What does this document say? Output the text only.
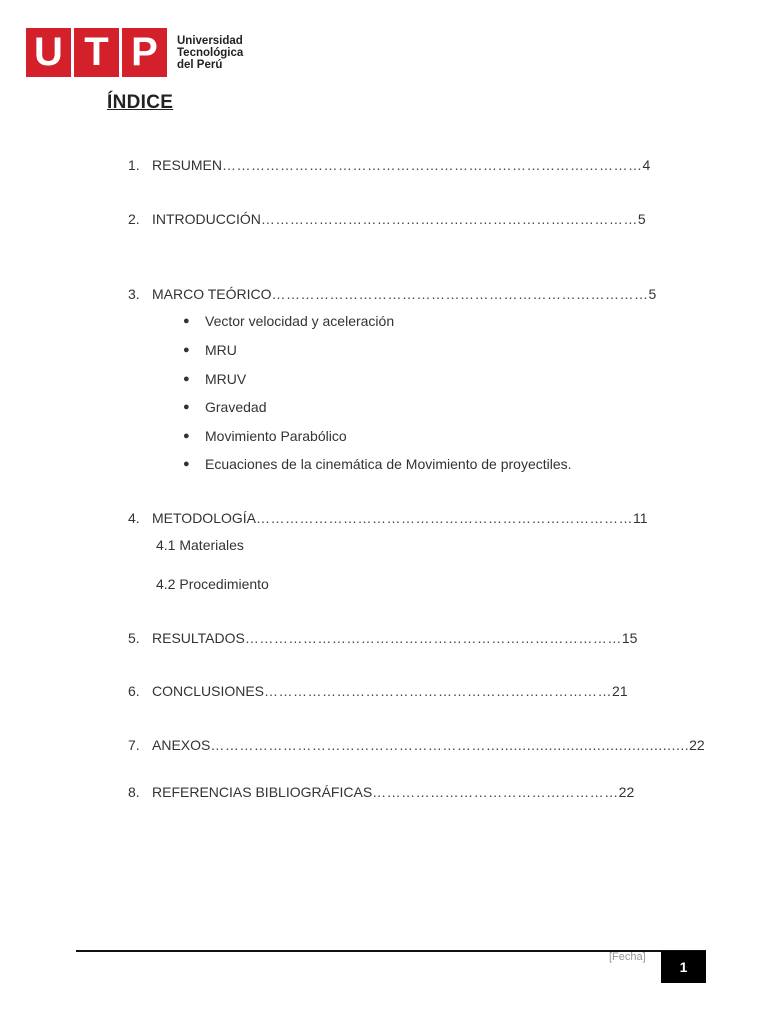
U T P	Universidad
Tecnológica
del Perú
ÍNDICE
1. RESUMEN …………………………………………………………………………… 4
2. INTRODUCCIÓN …………………………………………………………………… 5
3. MARCO TEÓRICO …………………………………………………………………… 5
●	Vector velocidad y aceleración
●	MRU
●	MRUV
●	Gravedad
●	Movimiento Parabólico
●	Ecuaciones de la cinemática de Movimiento de proyectiles.
4. METODOLOGÍA …………………………………………………………………… 11
4.1 Materiales
4.2 Procedimiento
5. RESULTADOS …………………………………………………………………… 15
6. CONCLUSIONES ……………………………………………………………… 21
7. ANEXOS ……………………………………………………........................................... 22
8. REFERENCIAS BIBLIOGRÁFICAS …………………………………………… 22
[Fecha]
1
